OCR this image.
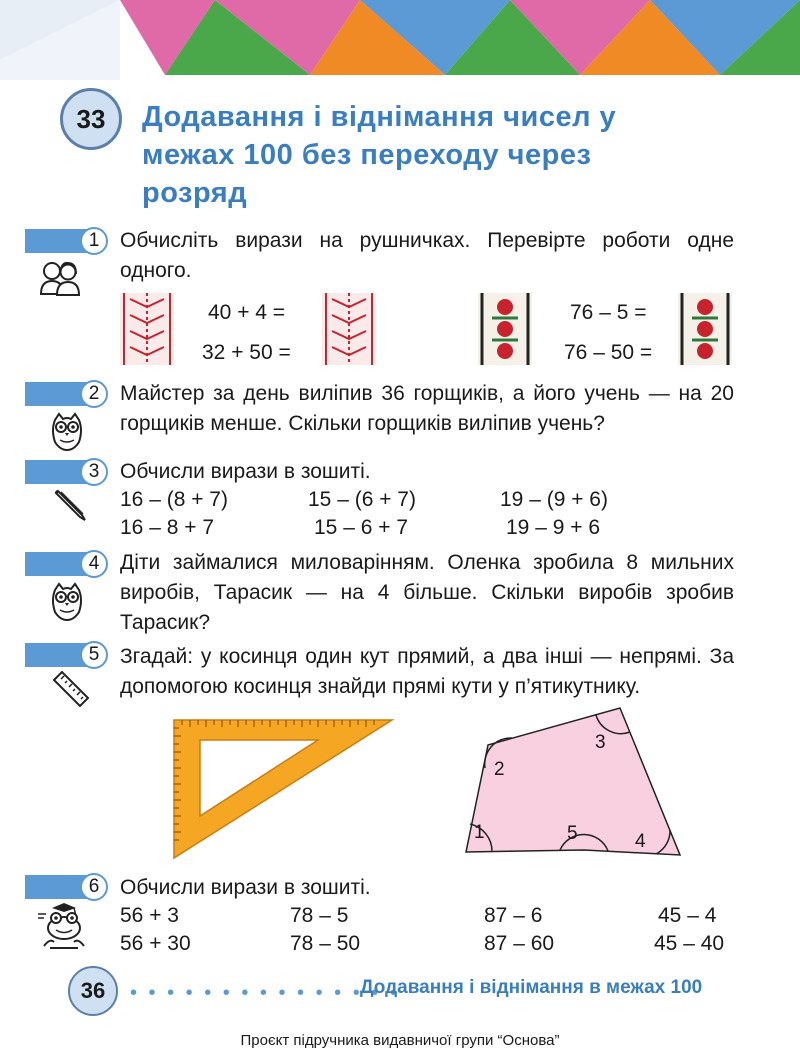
33 Додавання і віднімання чисел у межах 100 без переходу через розряд
1 Обчисліть вирази на рушничках. Перевірте роботи одне одного.
40 + 4 =
32 + 50 =
76 – 5 =
76 – 50 =
2 Майстер за день виліпив 36 горщиків, а його учень — на 20 горщиків менше. Скільки горщиків виліпив учень?
3 Обчисли вирази в зошиті.
16 – (8 + 7)	15 – (6 + 7)	19 – (9 + 6)
16 – 8 + 7	15 – 6 + 7	19 – 9 + 6
4 Діти займалися миловарінням. Оленка зробила 8 мильних виробів, Тарасик — на 4 більше. Скільки виробів зробив Тарасик?
5 Згадай: у косинця один кут прямий, а два інші — непрямі. За допомогою косинця знайди прямі кути у п’ятикутнику.
1
2
3
4
5
6 Обчисли вирази в зошиті.
56 + 3	78 – 5	87 – 6	45 – 4
56 + 30	78 – 50	87 – 60	45 – 40
36 • • • • • • • • • • • • • • •
Додавання і віднімання в межах 100
Проєкт підручника видавничої групи “Основа”
